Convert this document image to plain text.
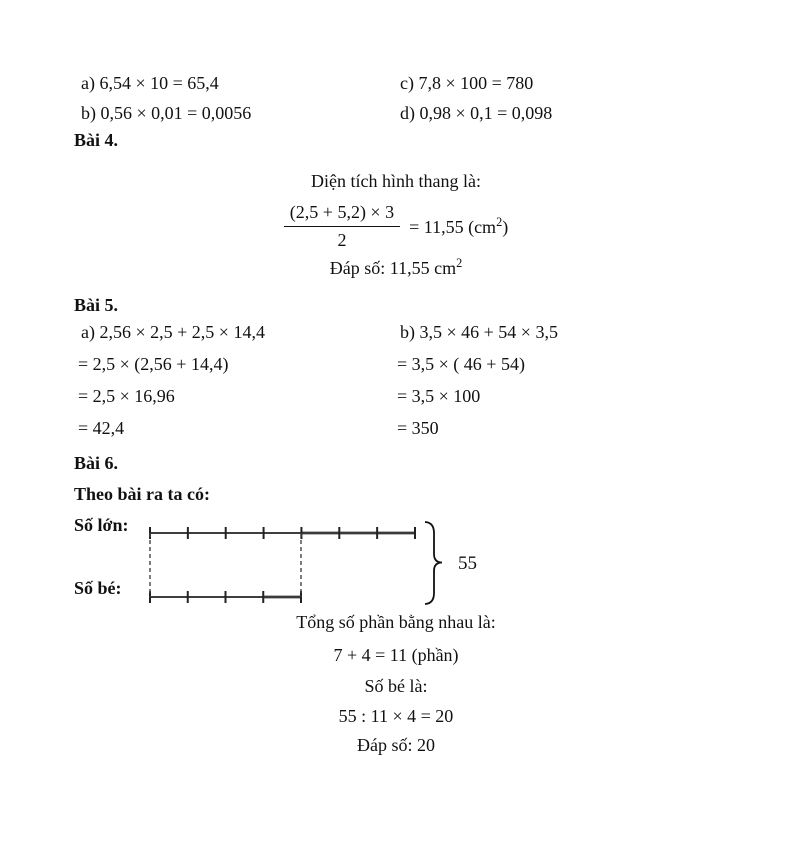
a) 6,54 × 10 = 65,4	c) 7,8 × 100 = 780
b) 0,56 × 0,01 = 0,0056	d) 0,98 × 0,1 = 0,098
Bài 4.
Diện tích hình thang là:
$\frac{(2,5 + 5,2) \times 3}{2} = 11,55$ $(cm^2)$
Đáp số: 11,55 $cm^2$
Bài 5.
a) 2,56 × 2,5 + 2,5 × 14,4	b) 3,5 × 46 + 54 × 3,5
= 2,5 × (2,56 + 14,4)	= 3,5 × ( 46 + 54)
= 2,5 × 16,96	= 3,5 × 100
= 42,4	= 350
Bài 6.
Theo bài ra ta có:
Số lớn:
Số bé:
55
Tổng số phần bằng nhau là:
7 + 4 = 11 (phần)
Số bé là:
55 : 11 × 4 = 20
Đáp số: 20
